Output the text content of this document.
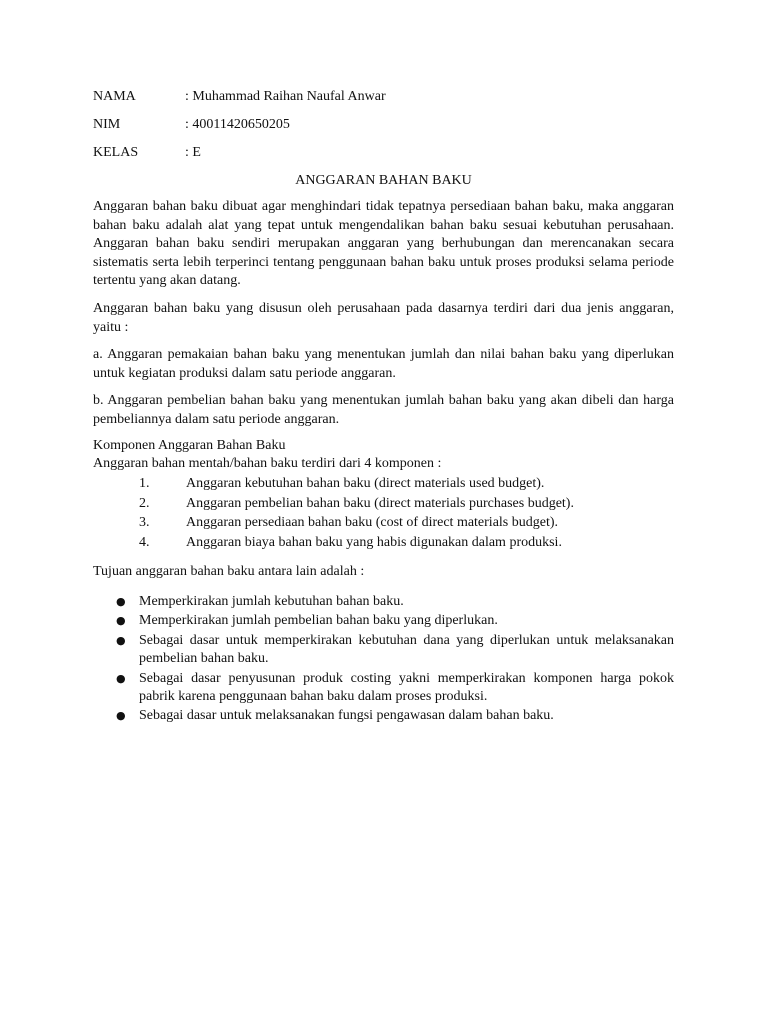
NAMA	: Muhammad Raihan Naufal Anwar
NIM	: 40011420650205
KELAS	: E
ANGGARAN BAHAN BAKU

Anggaran bahan baku dibuat agar menghindari tidak tepatnya persediaan bahan baku, maka anggaran bahan baku adalah alat yang tepat untuk mengendalikan bahan baku sesuai kebutuhan perusahaan. Anggaran bahan baku sendiri merupakan anggaran yang berhubungan dan merencanakan secara sistematis serta lebih terperinci tentang penggunaan bahan baku untuk proses produksi selama periode tertentu yang akan datang.

Anggaran bahan baku yang disusun oleh perusahaan pada dasarnya terdiri dari dua jenis anggaran, yaitu :

a. Anggaran pemakaian bahan baku yang menentukan jumlah dan nilai bahan baku yang diperlukan untuk kegiatan produksi dalam satu periode anggaran.

b. Anggaran pembelian bahan baku yang menentukan jumlah bahan baku yang akan dibeli dan harga pembeliannya dalam satu periode anggaran.

Komponen Anggaran Bahan Baku
Anggaran bahan mentah/bahan baku terdiri dari 4 komponen :
1.	Anggaran kebutuhan bahan baku (direct materials used budget).
2.	Anggaran pembelian bahan baku (direct materials purchases budget).
3.	Anggaran persediaan bahan baku (cost of direct materials budget).
4.	Anggaran biaya bahan baku yang habis digunakan dalam produksi.
Tujuan anggaran bahan baku antara lain adalah :
● Memperkirakan jumlah kebutuhan bahan baku.
● Memperkirakan jumlah pembelian bahan baku yang diperlukan.
● Sebagai dasar untuk memperkirakan kebutuhan dana yang diperlukan untuk melaksanakan pembelian bahan baku.
● Sebagai dasar penyusunan produk costing yakni memperkirakan komponen harga pokok pabrik karena penggunaan bahan baku dalam proses produksi.
● Sebagai dasar untuk melaksanakan fungsi pengawasan dalam bahan baku.
